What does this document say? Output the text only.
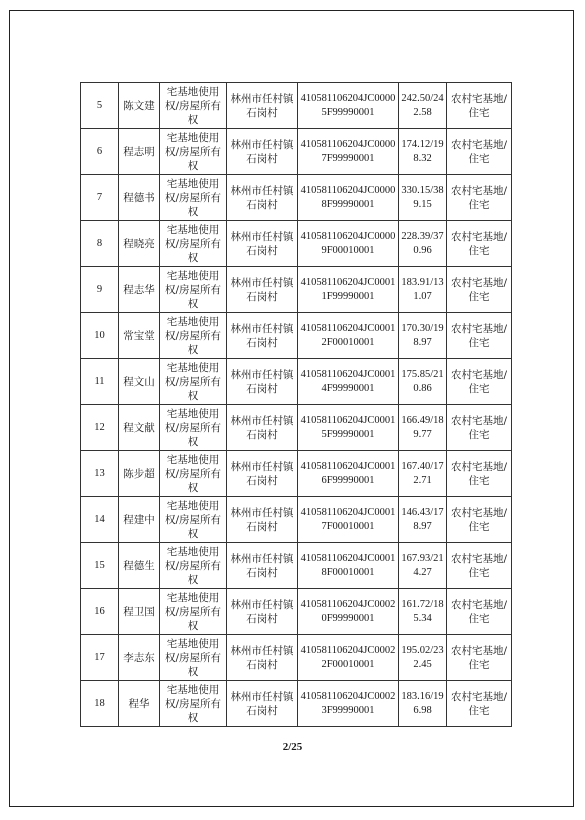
5	陈文建	宅基地使用权/房屋所有权	林州市任村镇石岗村	410581106204JC00005F99990001	242.50/242.58	农村宅基地/住宅
6	程志明	宅基地使用权/房屋所有权	林州市任村镇石岗村	410581106204JC00007F99990001	174.12/198.32	农村宅基地/住宅
7	程德书	宅基地使用权/房屋所有权	林州市任村镇石岗村	410581106204JC00008F99990001	330.15/389.15	农村宅基地/住宅
8	程晓亮	宅基地使用权/房屋所有权	林州市任村镇石岗村	410581106204JC00009F00010001	228.39/370.96	农村宅基地/住宅
9	程志华	宅基地使用权/房屋所有权	林州市任村镇石岗村	410581106204JC00011F99990001	183.91/131.07	农村宅基地/住宅
10	常宝堂	宅基地使用权/房屋所有权	林州市任村镇石岗村	410581106204JC00012F00010001	170.30/198.97	农村宅基地/住宅
11	程文山	宅基地使用权/房屋所有权	林州市任村镇石岗村	410581106204JC00014F99990001	175.85/210.86	农村宅基地/住宅
12	程文献	宅基地使用权/房屋所有权	林州市任村镇石岗村	410581106204JC00015F99990001	166.49/189.77	农村宅基地/住宅
13	陈步超	宅基地使用权/房屋所有权	林州市任村镇石岗村	410581106204JC00016F99990001	167.40/172.71	农村宅基地/住宅
14	程建中	宅基地使用权/房屋所有权	林州市任村镇石岗村	410581106204JC00017F00010001	146.43/178.97	农村宅基地/住宅
15	程德生	宅基地使用权/房屋所有权	林州市任村镇石岗村	410581106204JC00018F00010001	167.93/214.27	农村宅基地/住宅
16	程卫国	宅基地使用权/房屋所有权	林州市任村镇石岗村	410581106204JC00020F99990001	161.72/185.34	农村宅基地/住宅
17	李志东	宅基地使用权/房屋所有权	林州市任村镇石岗村	410581106204JC00022F00010001	195.02/232.45	农村宅基地/住宅
18	程华	宅基地使用权/房屋所有权	林州市任村镇石岗村	410581106204JC00023F99990001	183.16/196.98	农村宅基地/住宅
2/25
